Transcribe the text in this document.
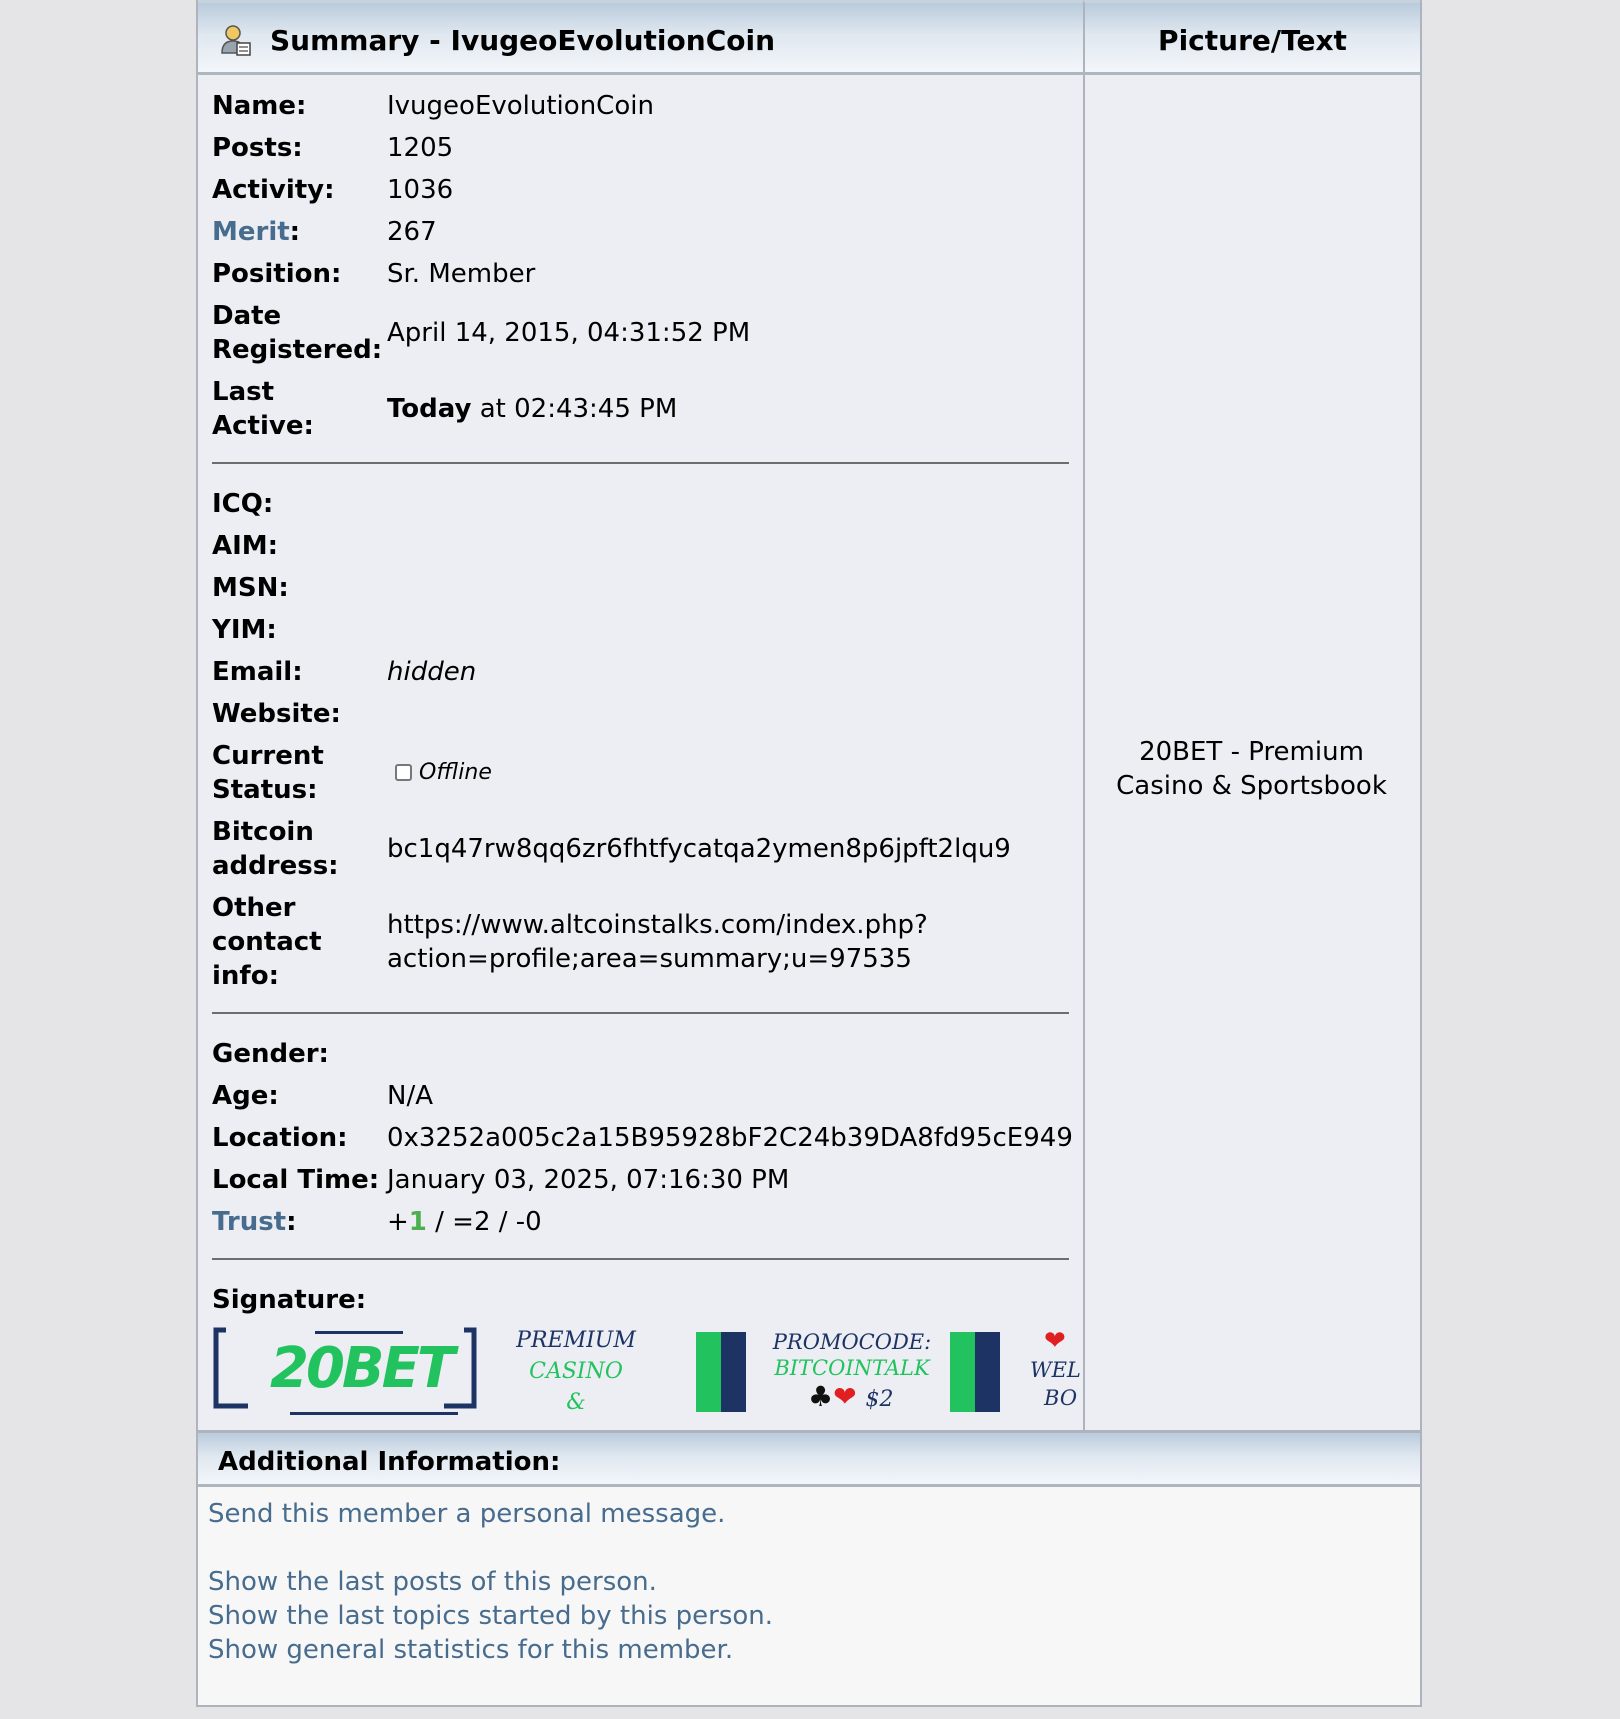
Summary - IvugeoEvolutionCoin	Picture/Text
Name:	IvugeoEvolutionCoin
Posts:	1205
Activity: 1036
Merit:	267
Position: Sr. Member
Date
Registered:
April 14, 2015, 04:31:52 PM
Last
Active:
Today at 02:43:45 PM
ICQ:
AIM:
MSN:
YIM:
Email:	hidden
Website:
Current
Status:
Offline
Bitcoin
address:
bc1q47rw8qq6zr6fhtfycatqa2ymen8p6jpft2lqu9
Other
contact
info:
https://www.altcoinstalks.com/index.php?
action=profile;area=summary;u=97535
Gender:
Age:	N/A
Location: 0x3252a005c2a15B95928bF2C24b39DA8fd95cE949
Local Time: January 03, 2025, 07:16:30 PM
Trust:	+1 / =2 / -0
Signature:
20BET	PREMIUM
CASINO
&
PROMOCODE:
BITCOINTALK
♣❤ $2
❤
WEL
BO
20BET - Premium
Casino & Sportsbook
Additional Information:
Send this member a personal message.
Show the last posts of this person.
Show the last topics started by this person.
Show general statistics for this member.
